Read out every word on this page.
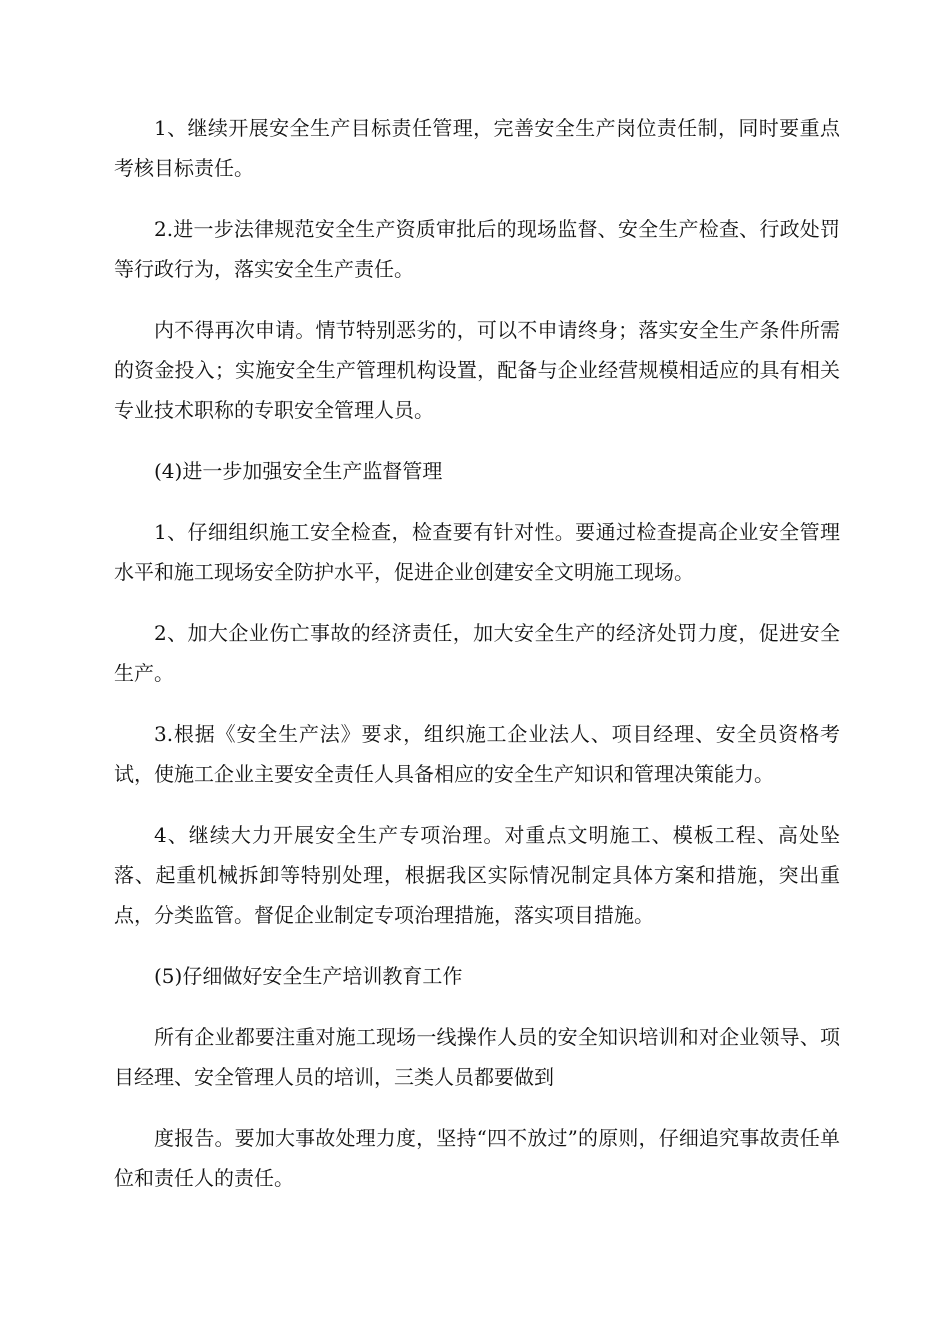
1、继续开展安全生产目标责任管理，完善安全生产岗位责任制，同时要重点考核目标责任。

2.进一步法律规范安全生产资质审批后的现场监督、安全生产检查、行政处罚等行政行为，落实安全生产责任。

内不得再次申请。情节特别恶劣的，可以不申请终身；落实安全生产条件所需的资金投入；实施安全生产管理机构设置，配备与企业经营规模相适应的具有相关专业技术职称的专职安全管理人员。

(4)进一步加强安全生产监督管理

1、仔细组织施工安全检查，检查要有针对性。要通过检查提高企业安全管理水平和施工现场安全防护水平，促进企业创建安全文明施工现场。

2、加大企业伤亡事故的经济责任，加大安全生产的经济处罚力度，促进安全生产。

3.根据《安全生产法》要求，组织施工企业法人、项目经理、安全员资格考试，使施工企业主要安全责任人具备相应的安全生产知识和管理决策能力。

4、继续大力开展安全生产专项治理。对重点文明施工、模板工程、高处坠落、起重机械拆卸等特别处理，根据我区实际情况制定具体方案和措施，突出重点，分类监管。督促企业制定专项治理措施，落实项目措施。

(5)仔细做好安全生产培训教育工作

所有企业都要注重对施工现场一线操作人员的安全知识培训和对企业领导、项目经理、安全管理人员的培训，三类人员都要做到

度报告。要加大事故处理力度，坚持“四不放过”的原则，仔细追究事故责任单位和责任人的责任。
